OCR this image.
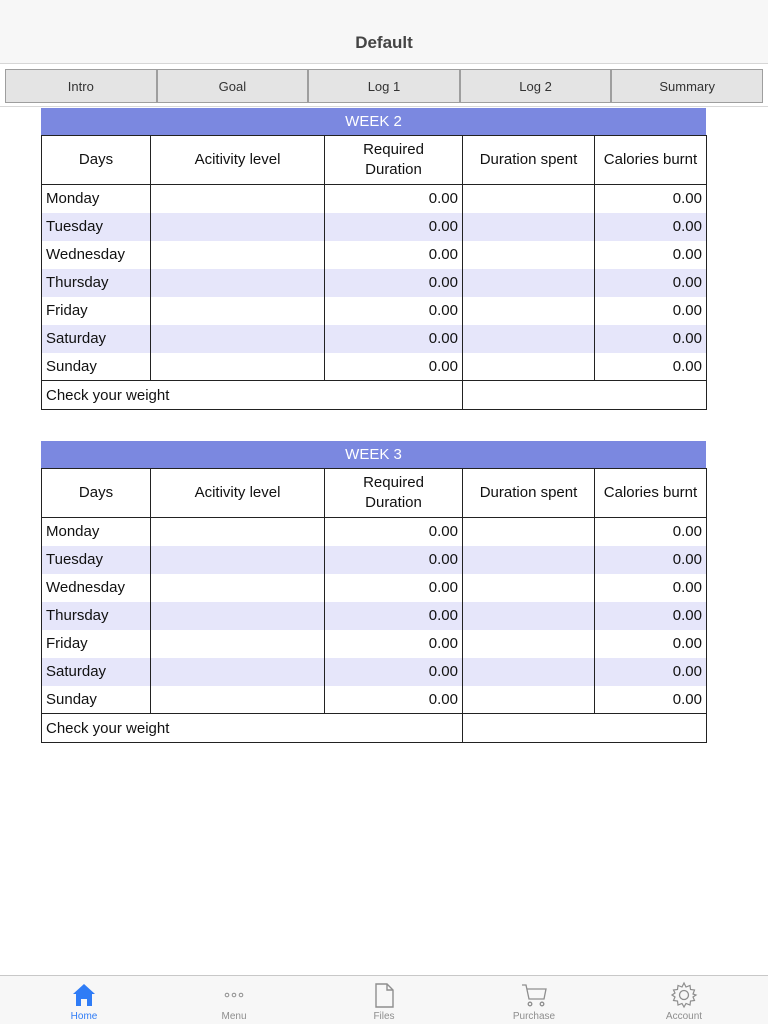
Default
Intro	Goal	Log 1	Log 2	Summary
WEEK 2
Days	Acitivity level	Required Duration	Duration spent	Calories burnt
Monday		0.00		0.00
Tuesday		0.00		0.00
Wednesday		0.00		0.00
Thursday		0.00		0.00
Friday		0.00		0.00
Saturday		0.00		0.00
Sunday		0.00		0.00
Check your weight				
WEEK 3
Days	Acitivity level	Required Duration	Duration spent	Calories burnt
Monday		0.00		0.00
Tuesday		0.00		0.00
Wednesday		0.00		0.00
Thursday		0.00		0.00
Friday		0.00		0.00
Saturday		0.00		0.00
Sunday		0.00		0.00
Check your weight				
Home	Menu	Files	Purchase	Account
